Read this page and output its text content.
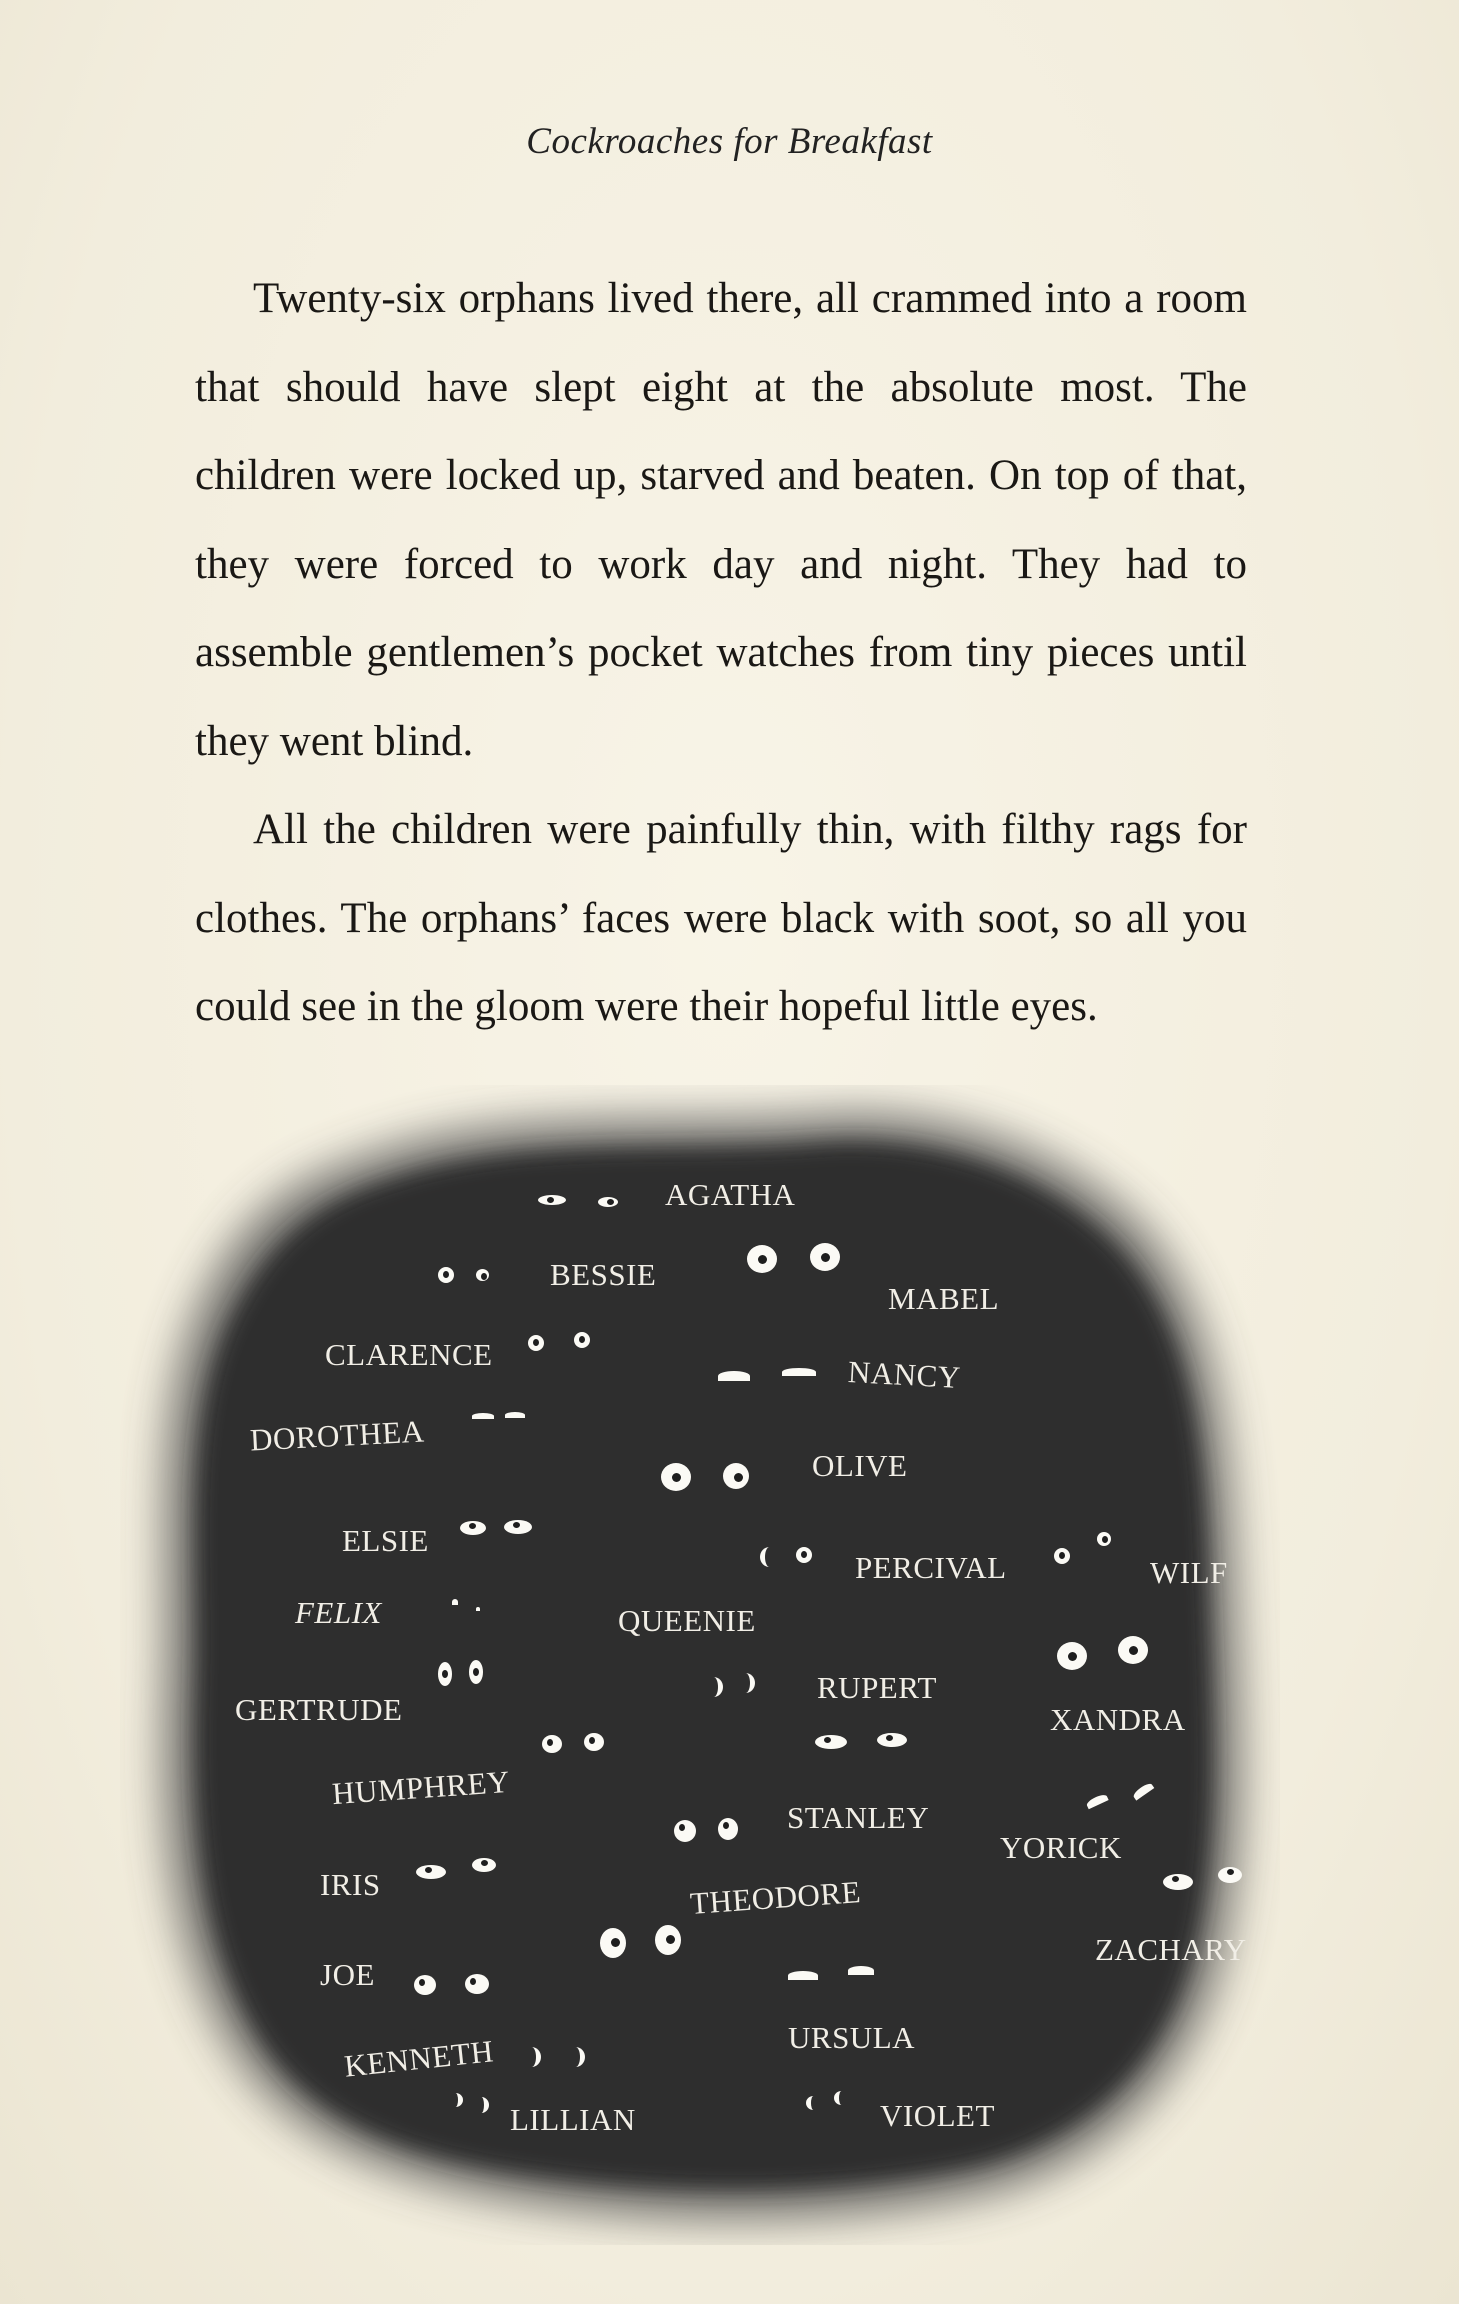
Cockroaches for Breakfast

Twenty-six orphans lived there, all crammed into a room that should have slept eight at the absolute most. The children were locked up, starved and beaten. On top of that, they were forced to work day and night. They had to assemble gentlemen’s pocket watches from tiny pieces until they went blind.

All the children were painfully thin, with filthy rags for clothes. The orphans’ faces were black with soot, so all you could see in the gloom were their hopeful little eyes.

AGATHA
BESSIE
CLARENCE
DOROTHEA
ELSIE
FELIX
GERTRUDE
HUMPHREY
IRIS
JOE
KENNETH
LILLIAN
MABEL
NANCY
OLIVE
PERCIVAL
QUEENIE
RUPERT
STANLEY
THEODORE
URSULA
VIOLET
WILF
XANDRA
YORICK
ZACHARY
